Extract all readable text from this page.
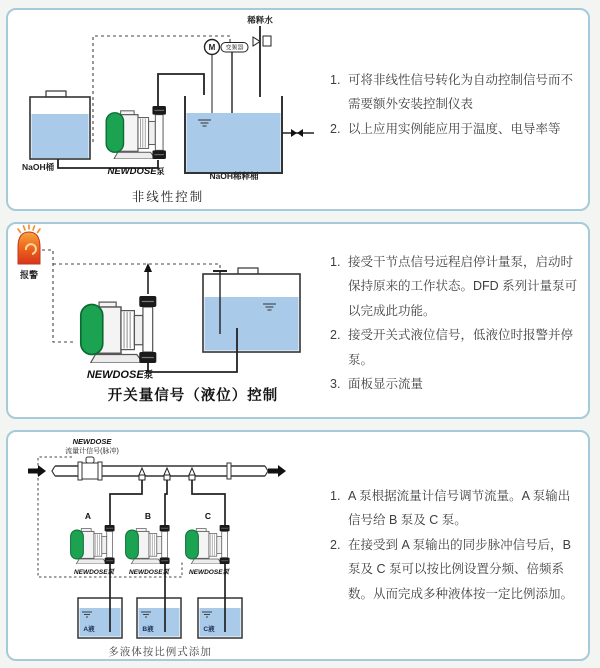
稀释水
M 变频器
NaOH桶	NEWDOSE泵	NaOH稀释桶
非线性控制
1. 可将非线性信号转化为自动控制信号而不需要额外安装控制仪表
2. 以上应用实例能应用于温度、电导率等
报警
NEWDOSE泵
开关量信号（液位）控制
1. 接受干节点信号远程启停计量泵，启动时保持原来的工作状态。DFD 系列计量泵可以完成此功能。
2. 接受开关式液位信号，低液位时报警并停泵。
3. 面板显示流量
NEWDOSE
流量计信号(脉冲)
A	B	C
A液	B液	C液
NEWDOSE泵 NEWDOSE泵	NEWDOSE泵
多液体按比例式添加
1. A 泵根据流量计信号调节流量。A 泵输出信号给 B 泵及 C 泵。
2. 在接受到 A 泵输出的同步脉冲信号后，B 泵及 C 泵可以按比例设置分频、倍频系数。从而完成多种液体按一定比例添加。
